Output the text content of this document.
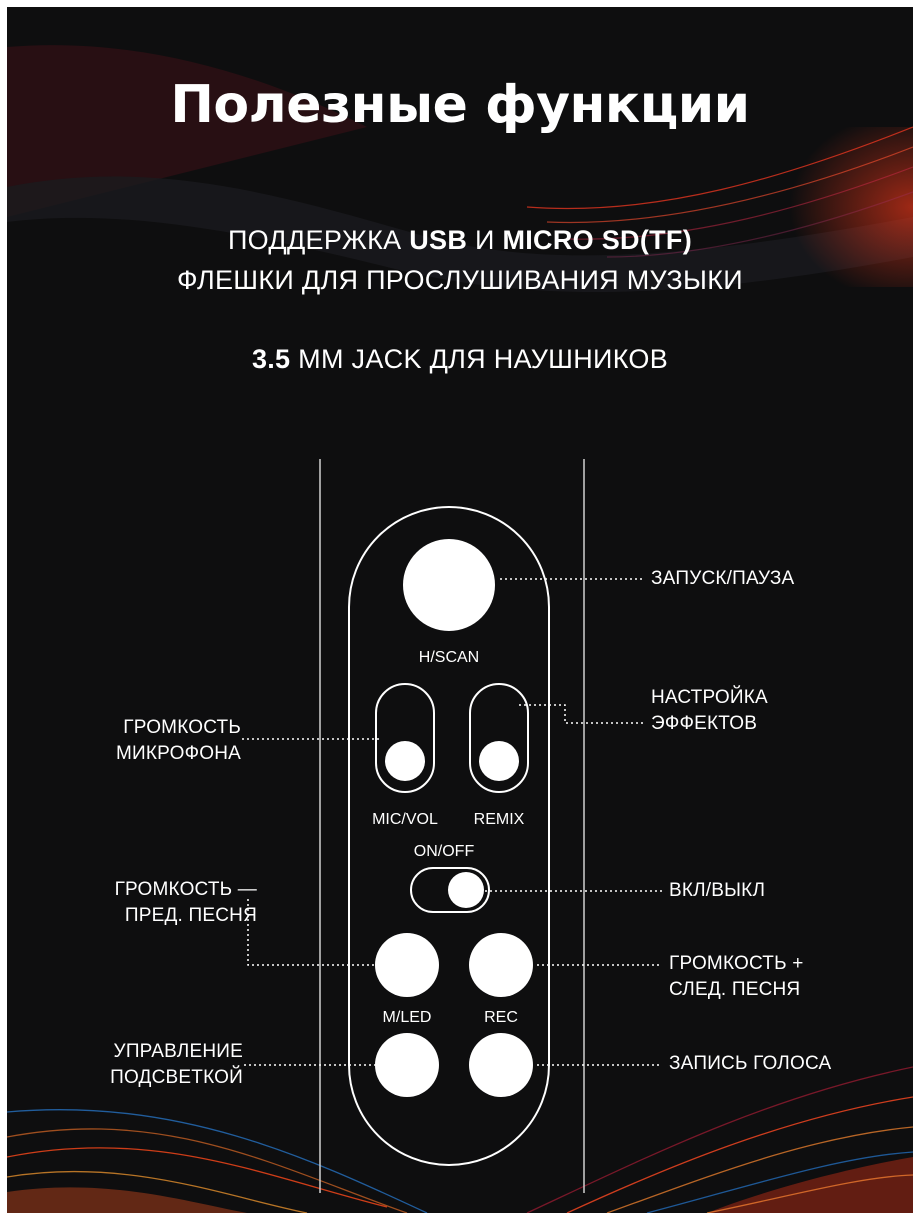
Полезные функции
ПОДДЕРЖКА USB И MICRO SD(TF)
ФЛЕШКИ ДЛЯ ПРОСЛУШИВАНИЯ МУЗЫКИ
3.5 ММ JACK ДЛЯ НАУШНИКОВ
H/SCAN
MIC/VOL	REMIX
ON/OFF
M/LED	REC
ЗАПУСК/ПАУЗА
НАСТРОЙКА
ЭФФЕКТОВ
ВКЛ/ВЫКЛ
ГРОМКОСТЬ +
СЛЕД. ПЕСНЯ
ЗАПИСЬ ГОЛОСА
ГРОМКОСТЬ
МИКРОФОНА
ГРОМКОСТЬ —
ПРЕД. ПЕСНЯ
УПРАВЛЕНИЕ
ПОДСВЕТКОЙ
